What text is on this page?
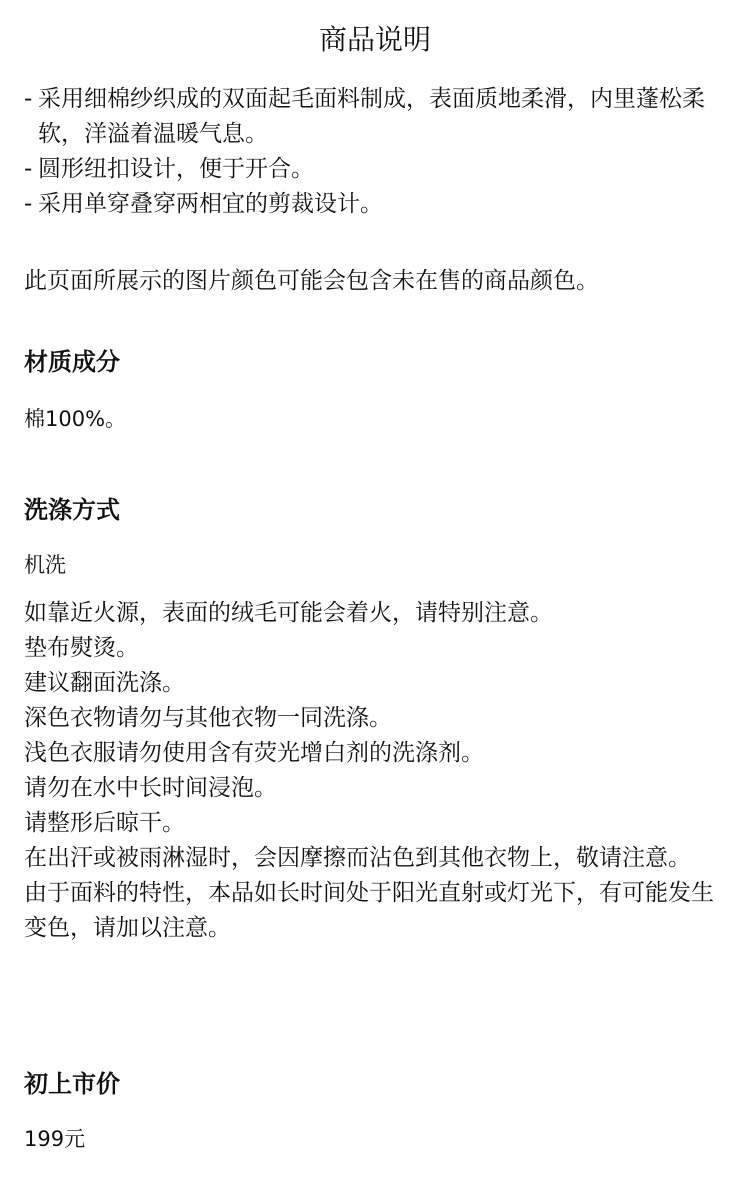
商品说明
- 采用细棉纱织成的双面起毛面料制成，表面质地柔滑，内里蓬松柔软，洋溢着温暖气息。
- 圆形纽扣设计，便于开合。
- 采用单穿叠穿两相宜的剪裁设计。
此页面所展示的图片颜色可能会包含未在售的商品颜色。
材质成分
棉100%。
洗涤方式
机洗
如靠近火源，表面的绒毛可能会着火，请特别注意。
垫布熨烫。
建议翻面洗涤。
深色衣物请勿与其他衣物一同洗涤。
浅色衣服请勿使用含有荧光增白剂的洗涤剂。
请勿在水中长时间浸泡。
请整形后晾干。
在出汗或被雨淋湿时，会因摩擦而沾色到其他衣物上，敬请注意。
由于面料的特性，本品如长时间处于阳光直射或灯光下，有可能发生变色，请加以注意。
初上市价
199元
